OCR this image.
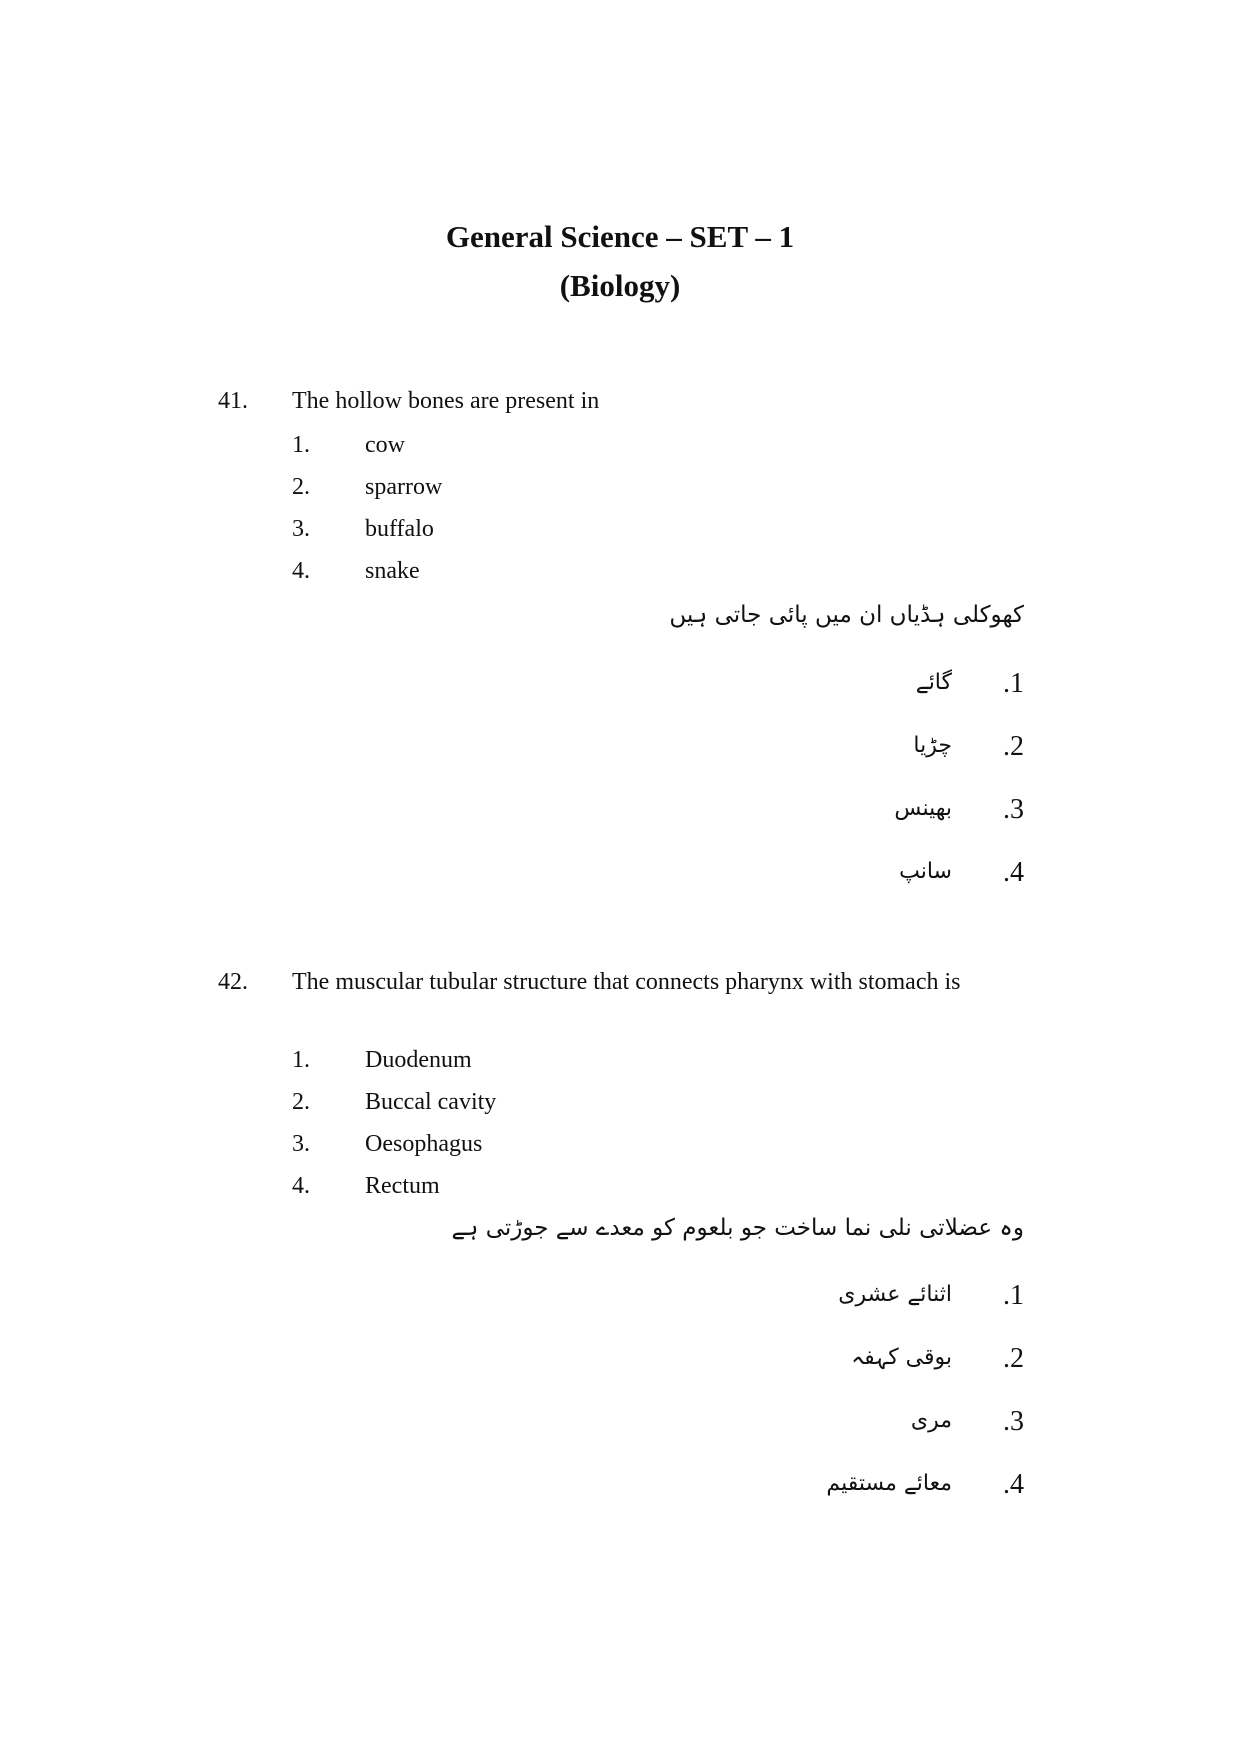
General Science – SET – 1
(Biology)
41. The hollow bones are present in
1. cow
2. sparrow
3. buffalo
4. snake
کھوکلی ہڈیاں ان میں پائی جاتی ہیں
.1
گائے
.2
چڑیا
.3
بھینس
.4
سانپ
42. The muscular tubular structure that connects pharynx with stomach is
1. Duodenum
2. Buccal cavity
3. Oesophagus
4. Rectum
وہ عضلاتی نلی نما ساخت جو بلعوم کو معدے سے جوڑتی ہے
.1
اثنائے عشری
.2
بوقی کہفہ
.3
مری
.4
معائے مستقیم
